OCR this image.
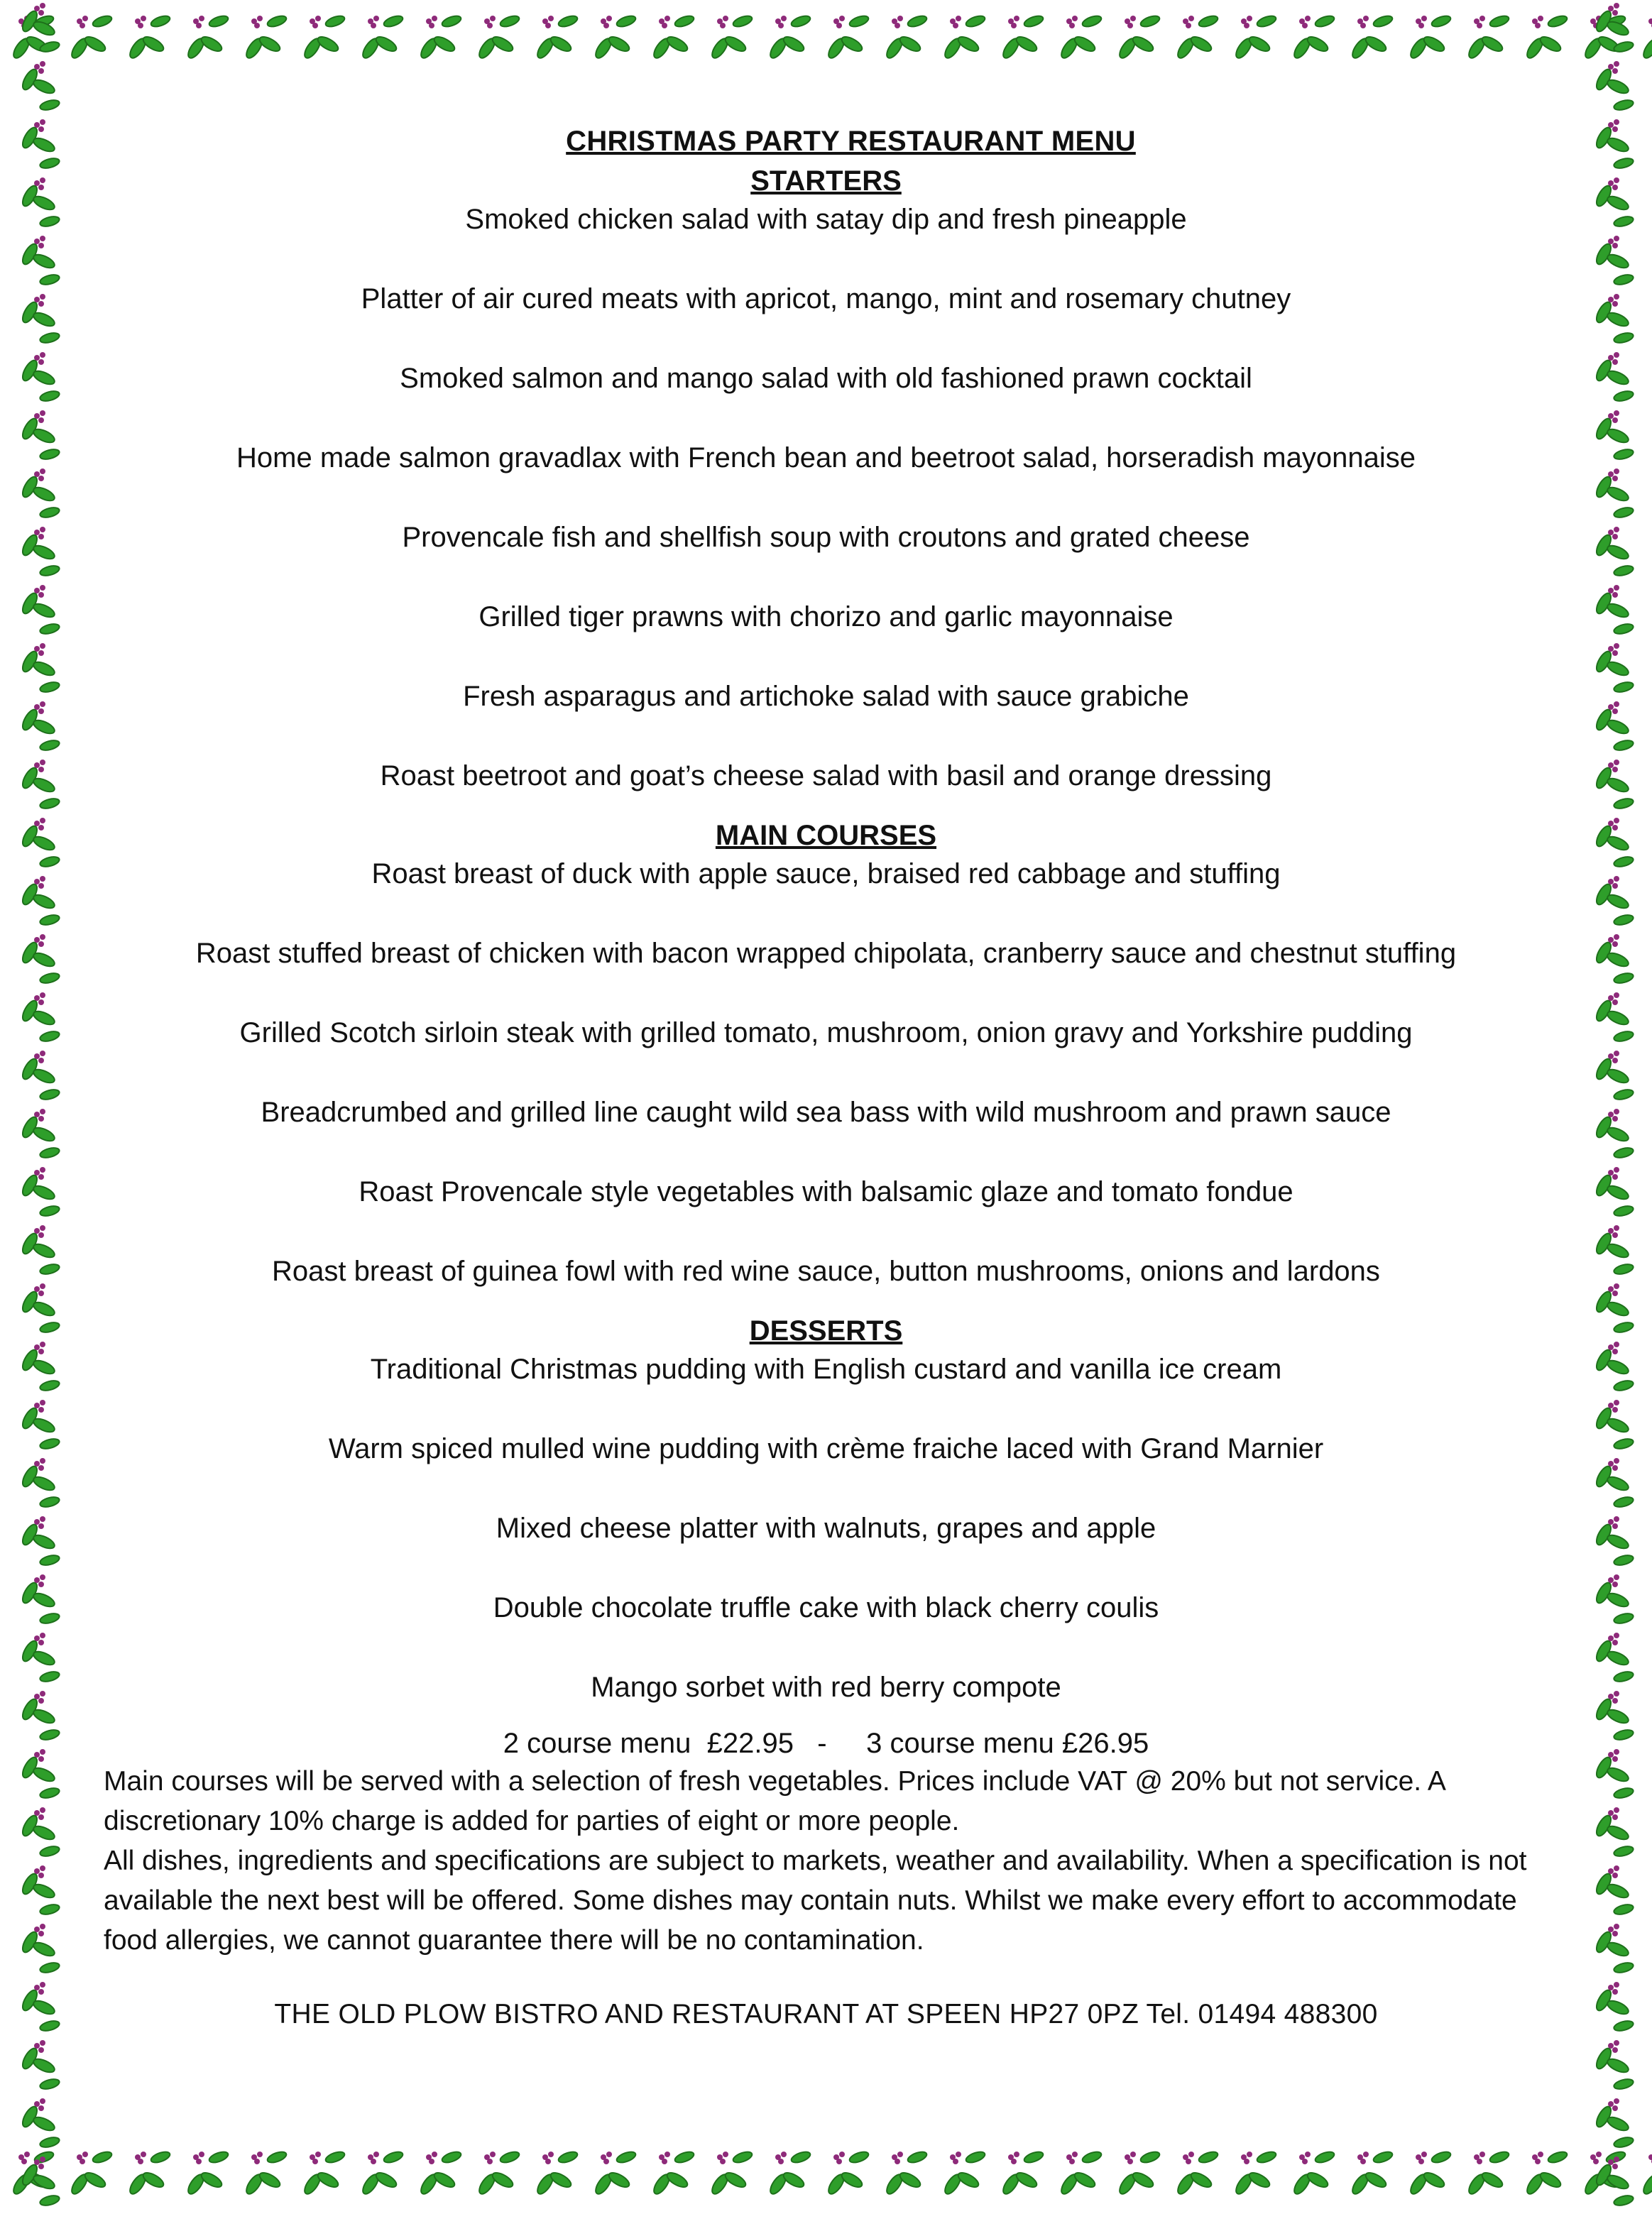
CHRISTMAS PARTY RESTAURANT MENU
STARTERS
Smoked chicken salad with satay dip and fresh pineapple
Platter of air cured meats with apricot, mango, mint and rosemary chutney
Smoked salmon and mango salad with old fashioned prawn cocktail
Home made salmon gravadlax with French bean and beetroot salad, horseradish mayonnaise
Provencale fish and shellfish soup with croutons and grated cheese
Grilled tiger prawns with chorizo and garlic mayonnaise
Fresh asparagus and artichoke salad with sauce grabiche
Roast beetroot and goat’s cheese salad with basil and orange dressing
MAIN COURSES
Roast breast of duck with apple sauce, braised red cabbage and stuffing
Roast stuffed breast of chicken with bacon wrapped chipolata, cranberry sauce and chestnut stuffing
Grilled Scotch sirloin steak with grilled tomato, mushroom, onion gravy and Yorkshire pudding
Breadcrumbed and grilled line caught wild sea bass with wild mushroom and prawn sauce
Roast Provencale style vegetables with balsamic glaze and tomato fondue
Roast breast of guinea fowl with red wine sauce, button mushrooms, onions and lardons
DESSERTS
Traditional Christmas pudding with English custard and vanilla ice cream
Warm spiced mulled wine pudding with crème fraiche laced with Grand Marnier
Mixed cheese platter with walnuts, grapes and apple
Double chocolate truffle cake with black cherry coulis
Mango sorbet with red berry compote

2 course menu  £22.95   -     3 course menu £26.95

Main courses will be served with a selection of fresh vegetables. Prices include VAT @ 20% but not service. A discretionary 10% charge is added for parties of eight or more people.

All dishes, ingredients and specifications are subject to markets, weather and availability. When a specification is not available the next best will be offered. Some dishes may contain nuts. Whilst we make every effort to accommodate food allergies, we cannot guarantee there will be no contamination.

THE OLD PLOW BISTRO AND RESTAURANT AT SPEEN HP27 0PZ Tel. 01494 488300
